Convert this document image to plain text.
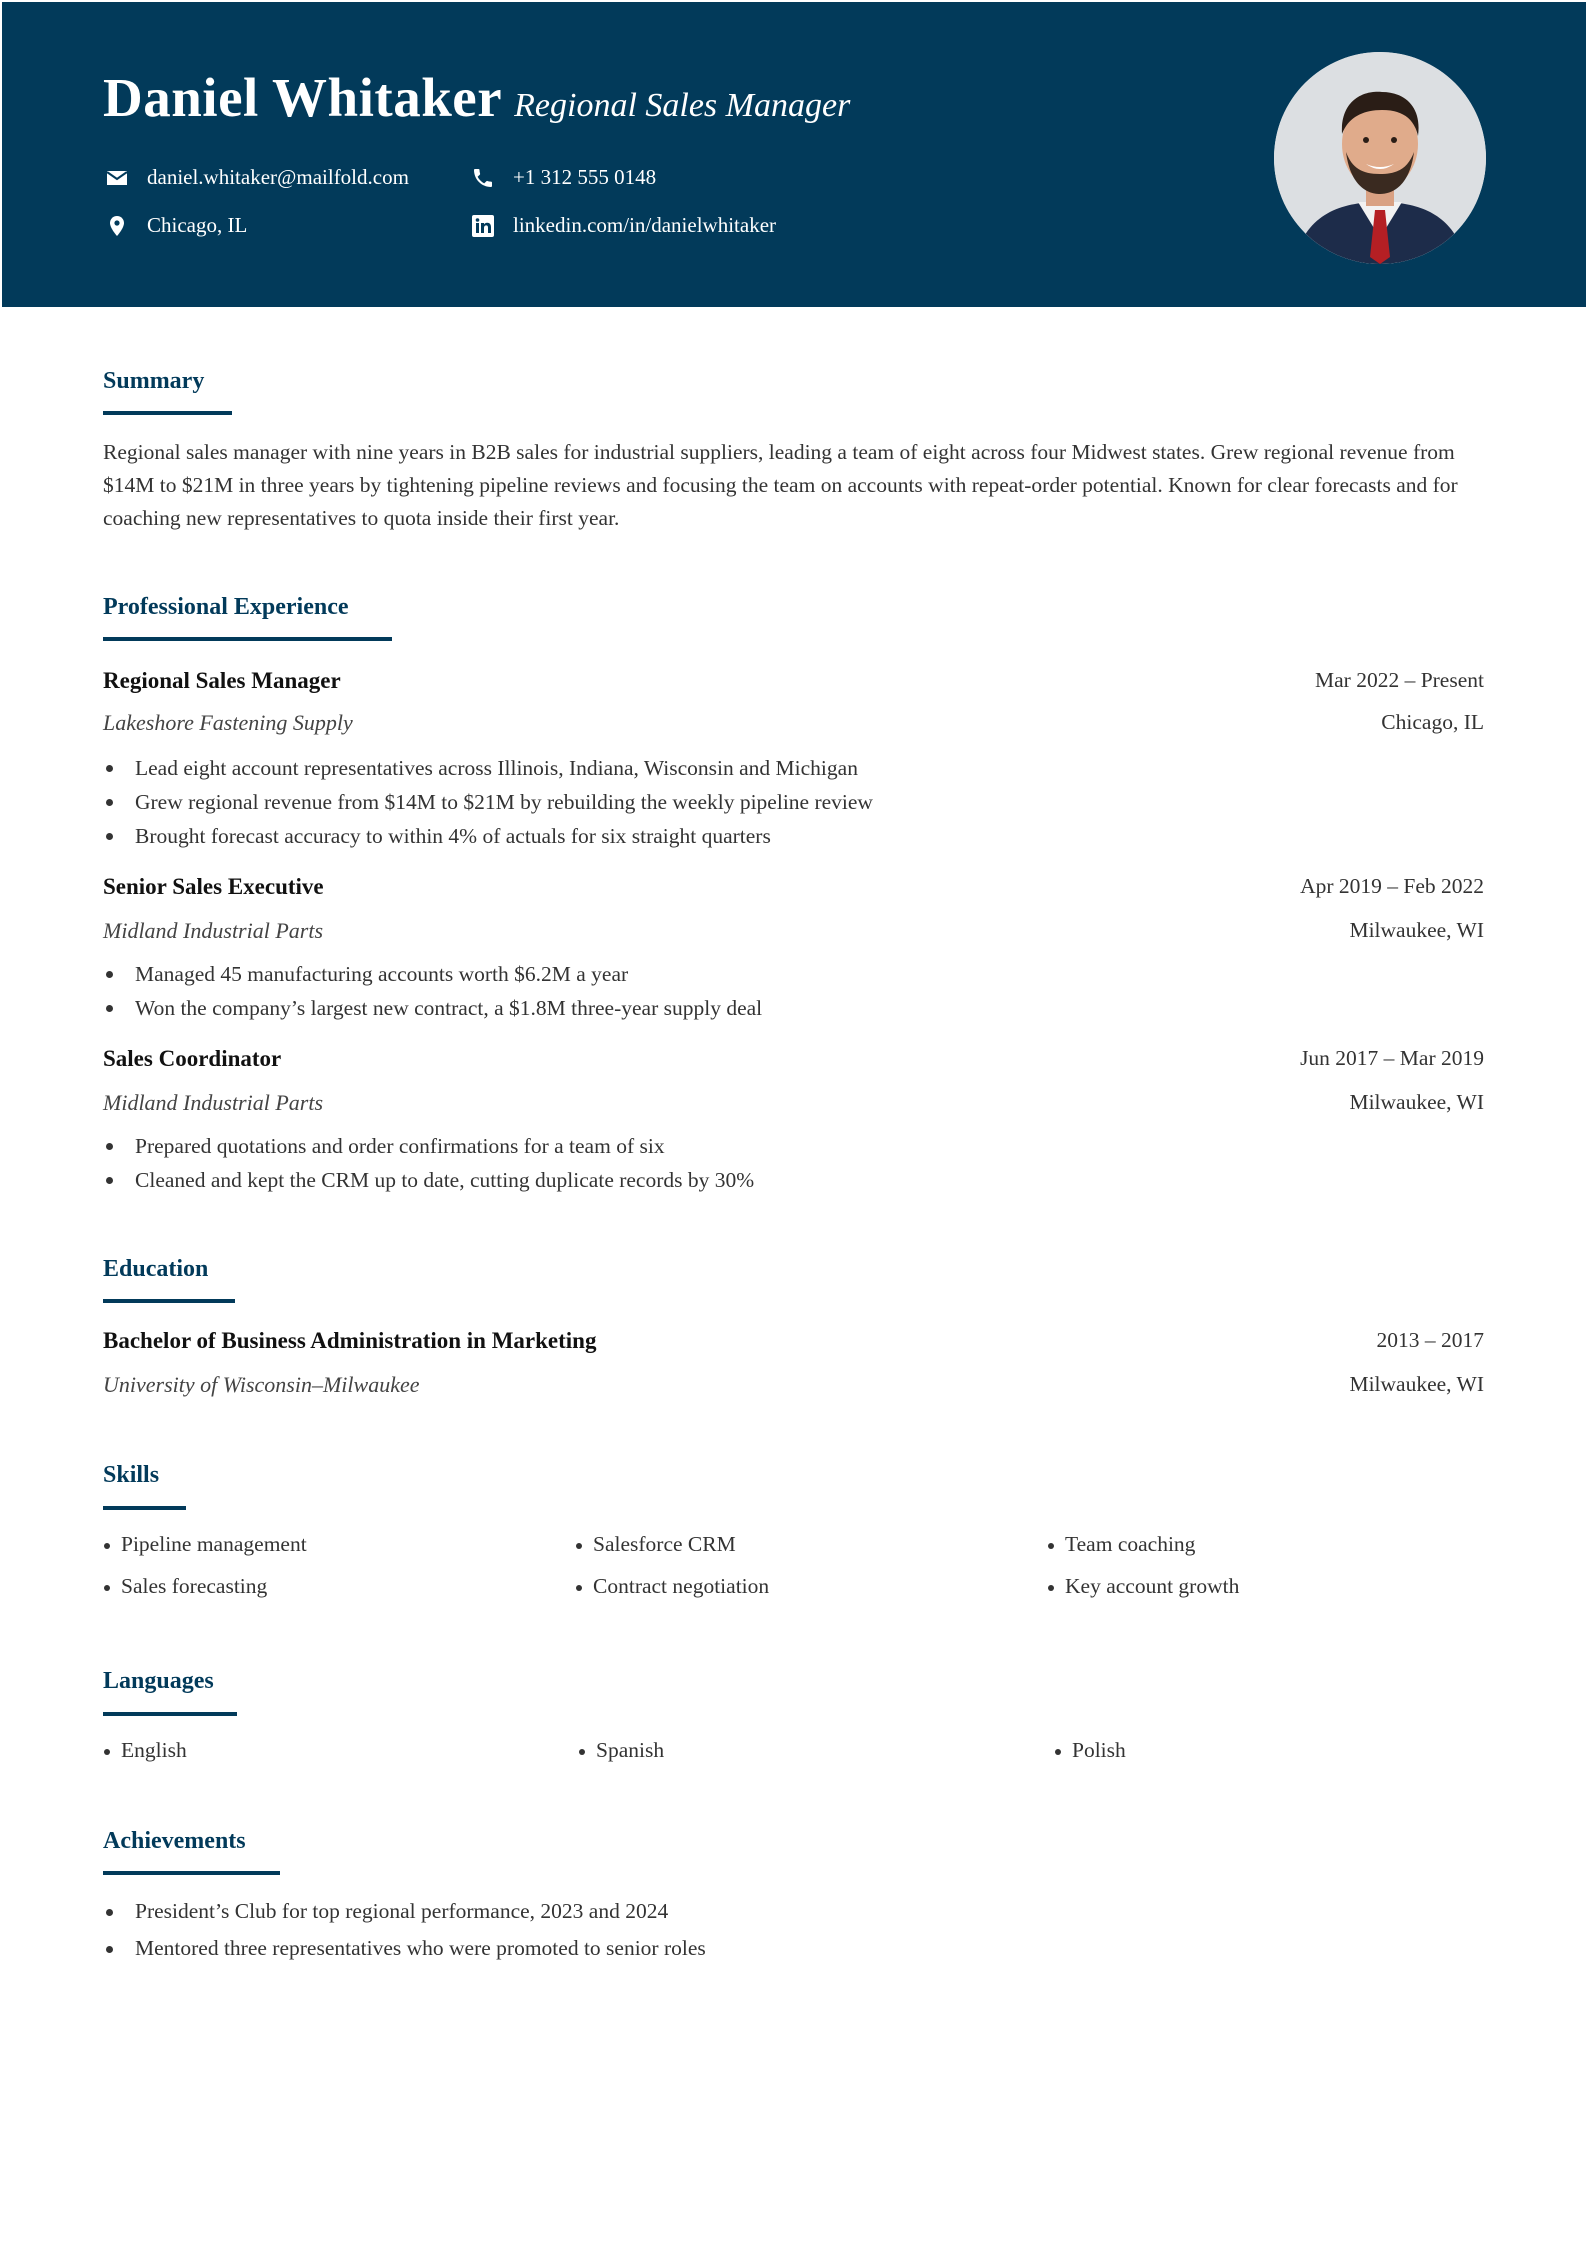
Daniel Whitaker Regional Sales Manager
daniel.whitaker@mailfold.com	+1 312 555 0148
Chicago, IL	linkedin.com/in/danielwhitaker
Summary

Regional sales manager with nine years in B2B sales for industrial suppliers, leading a team of eight across four Midwest states. Grew regional revenue from $14M to $21M in three years by tightening pipeline reviews and focusing the team on accounts with repeat-order potential. Known for clear forecasts and for coaching new representatives to quota inside their first year.

Professional Experience
Regional Sales Manager	Mar 2022 – Present
Lakeshore Fastening Supply	Chicago, IL
Lead eight account representatives across Illinois, Indiana, Wisconsin and Michigan
Grew regional revenue from $14M to $21M by rebuilding the weekly pipeline review
Brought forecast accuracy to within 4% of actuals for six straight quarters
Senior Sales Executive	Apr 2019 – Feb 2022
Midland Industrial Parts	Milwaukee, WI
Managed 45 manufacturing accounts worth $6.2M a year
Won the company’s largest new contract, a $1.8M three-year supply deal
Sales Coordinator	Jun 2017 – Mar 2019
Midland Industrial Parts	Milwaukee, WI
Prepared quotations and order confirmations for a team of six
Cleaned and kept the CRM up to date, cutting duplicate records by 30%
Education
Bachelor of Business Administration in Marketing	2013 – 2017
University of Wisconsin–Milwaukee	Milwaukee, WI
Skills
Pipeline management	Salesforce CRM	Team coaching
Sales forecasting	Contract negotiation	Key account growth
Languages
English	Spanish	Polish
Achievements
President’s Club for top regional performance, 2023 and 2024
Mentored three representatives who were promoted to senior roles
